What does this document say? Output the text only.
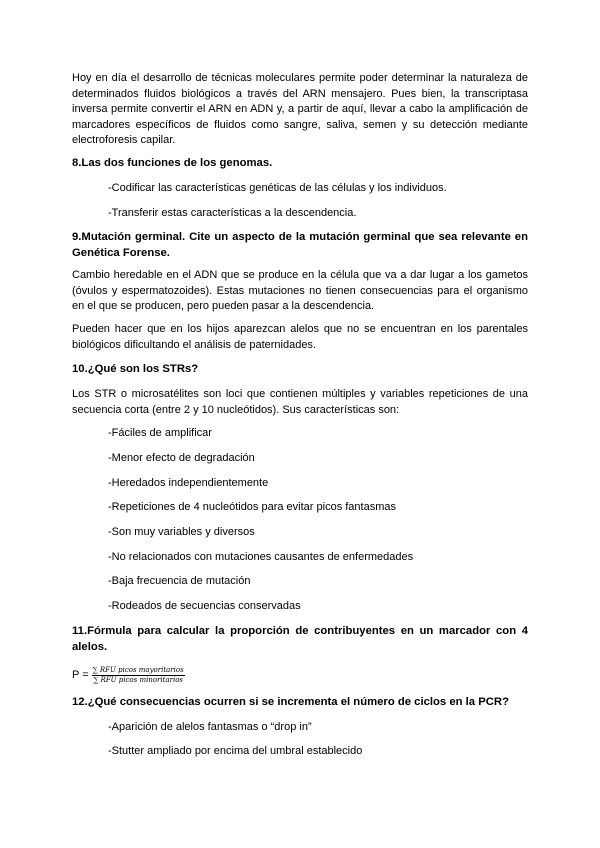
Hoy en día el desarrollo de técnicas moleculares permite poder determinar la naturaleza de determinados fluidos biológicos a través del ARN mensajero. Pues bien, la transcriptasa inversa permite convertir el ARN en ADN y, a partir de aquí, llevar a cabo la amplificación de marcadores específicos de fluidos como sangre, saliva, semen y su detección mediante electroforesis capilar.

8.Las dos funciones de los genomas.

-Codificar las características genéticas de las células y los individuos.

-Transferir estas características a la descendencia.

9.Mutación germinal. Cite un aspecto de la mutación germinal que sea relevante en Genética Forense.

Cambio heredable en el ADN que se produce en la célula que va a dar lugar a los gametos (óvulos y espermatozoides). Estas mutaciones no tienen consecuencias para el organismo en el que se producen, pero pueden pasar a la descendencia.

Pueden hacer que en los hijos aparezcan alelos que no se encuentran en los parentales biológicos dificultando el análisis de paternidades.

10.¿Qué son los STRs?

Los STR o microsatélites son loci que contienen múltiples y variables repeticiones de una secuencia corta (entre 2 y 10 nucleótidos). Sus características son:

-Fáciles de amplificar

-Menor efecto de degradación

-Heredados independientemente

-Repeticiones de 4 nucleótidos para evitar picos fantasmas

-Son muy variables y diversos

-No relacionados con mutaciones causantes de enfermedades

-Baja frecuencia de mutación

-Rodeados de secuencias conservadas

11.Fórmula para calcular la proporción de contribuyentes en un marcador con 4 alelos.

$P = \frac{\text{∑ RFU picos mayoritarios}}{\text{∑ RFU picos minoritarios}}$

12.¿Qué consecuencias ocurren si se incrementa el número de ciclos en la PCR?

-Aparición de alelos fantasmas o “drop in”

-Stutter ampliado por encima del umbral establecido
